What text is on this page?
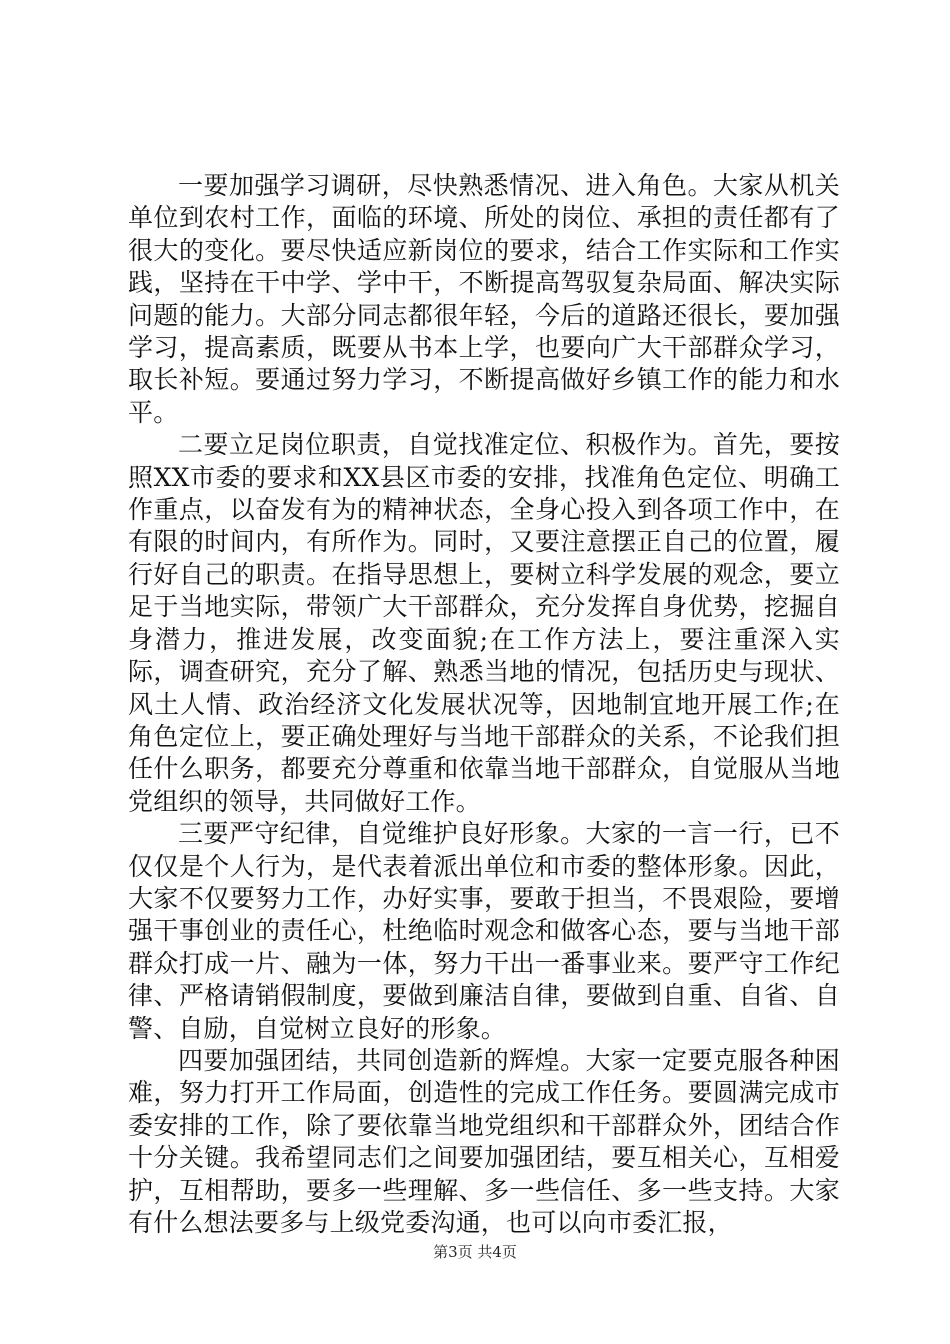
一要加强学习调研，尽快熟悉情况、进入角色。大家从机关单位到农村工作，面临的环境、所处的岗位、承担的责任都有了很大的变化。要尽快适应新岗位的要求，结合工作实际和工作实践，坚持在干中学、学中干，不断提高驾驭复杂局面、解决实际问题的能力。大部分同志都很年轻，今后的道路还很长，要加强学习，提高素质，既要从书本上学，也要向广大干部群众学习，取长补短。要通过努力学习，不断提高做好乡镇工作的能力和水平。

二要立足岗位职责，自觉找准定位、积极作为。首先，要按照XX市委的要求和XX县区市委的安排，找准角色定位、明确工作重点，以奋发有为的精神状态，全身心投入到各项工作中，在有限的时间内，有所作为。同时，又要注意摆正自己的位置，履行好自己的职责。在指导思想上，要树立科学发展的观念，要立足于当地实际，带领广大干部群众，充分发挥自身优势，挖掘自身潜力，推进发展，改变面貌;在工作方法上，要注重深入实际，调查研究，充分了解、熟悉当地的情况，包括历史与现状、风土人情、政治经济文化发展状况等，因地制宜地开展工作;在角色定位上，要正确处理好与当地干部群众的关系，不论我们担任什么职务，都要充分尊重和依靠当地干部群众，自觉服从当地党组织的领导，共同做好工作。

三要严守纪律，自觉维护良好形象。大家的一言一行，已不仅仅是个人行为，是代表着派出单位和市委的整体形象。因此，大家不仅要努力工作，办好实事，要敢于担当，不畏艰险，要增强干事创业的责任心，杜绝临时观念和做客心态，要与当地干部群众打成一片、融为一体，努力干出一番事业来。要严守工作纪律、严格请销假制度，要做到廉洁自律，要做到自重、自省、自警、自励，自觉树立良好的形象。

四要加强团结，共同创造新的辉煌。大家一定要克服各种困难，努力打开工作局面，创造性的完成工作任务。要圆满完成市委安排的工作，除了要依靠当地党组织和干部群众外，团结合作十分关键。我希望同志们之间要加强团结，要互相关心，互相爱护，互相帮助，要多一些理解、多一些信任、多一些支持。大家有什么想法要多与上级党委沟通，也可以向市委汇报，

第3页 共4页
